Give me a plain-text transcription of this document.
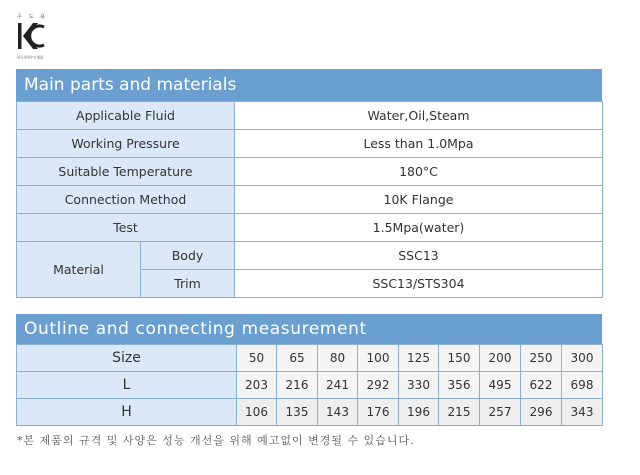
수 도 용
한국상하수도협회
Main parts and materials
Applicable Fluid		Water,Oil,Steam
Working Pressure		Less than 1.0Mpa
Suitable Temperature		180°C
Connection Method		10K Flange
Test		1.5Mpa(water)
Material	Body	SSC13
	Trim	SSC13/STS304
Outline and connecting measurement
Size	50	65	80	100	125	150	200	250	300
L	203	216	241	292	330	356	495	622	698
H	106	135	143	176	196	215	257	296	343
*본 제품의 규격 및 사양은 성능 개선을 위해 예고없이 변경될 수 있습니다.
